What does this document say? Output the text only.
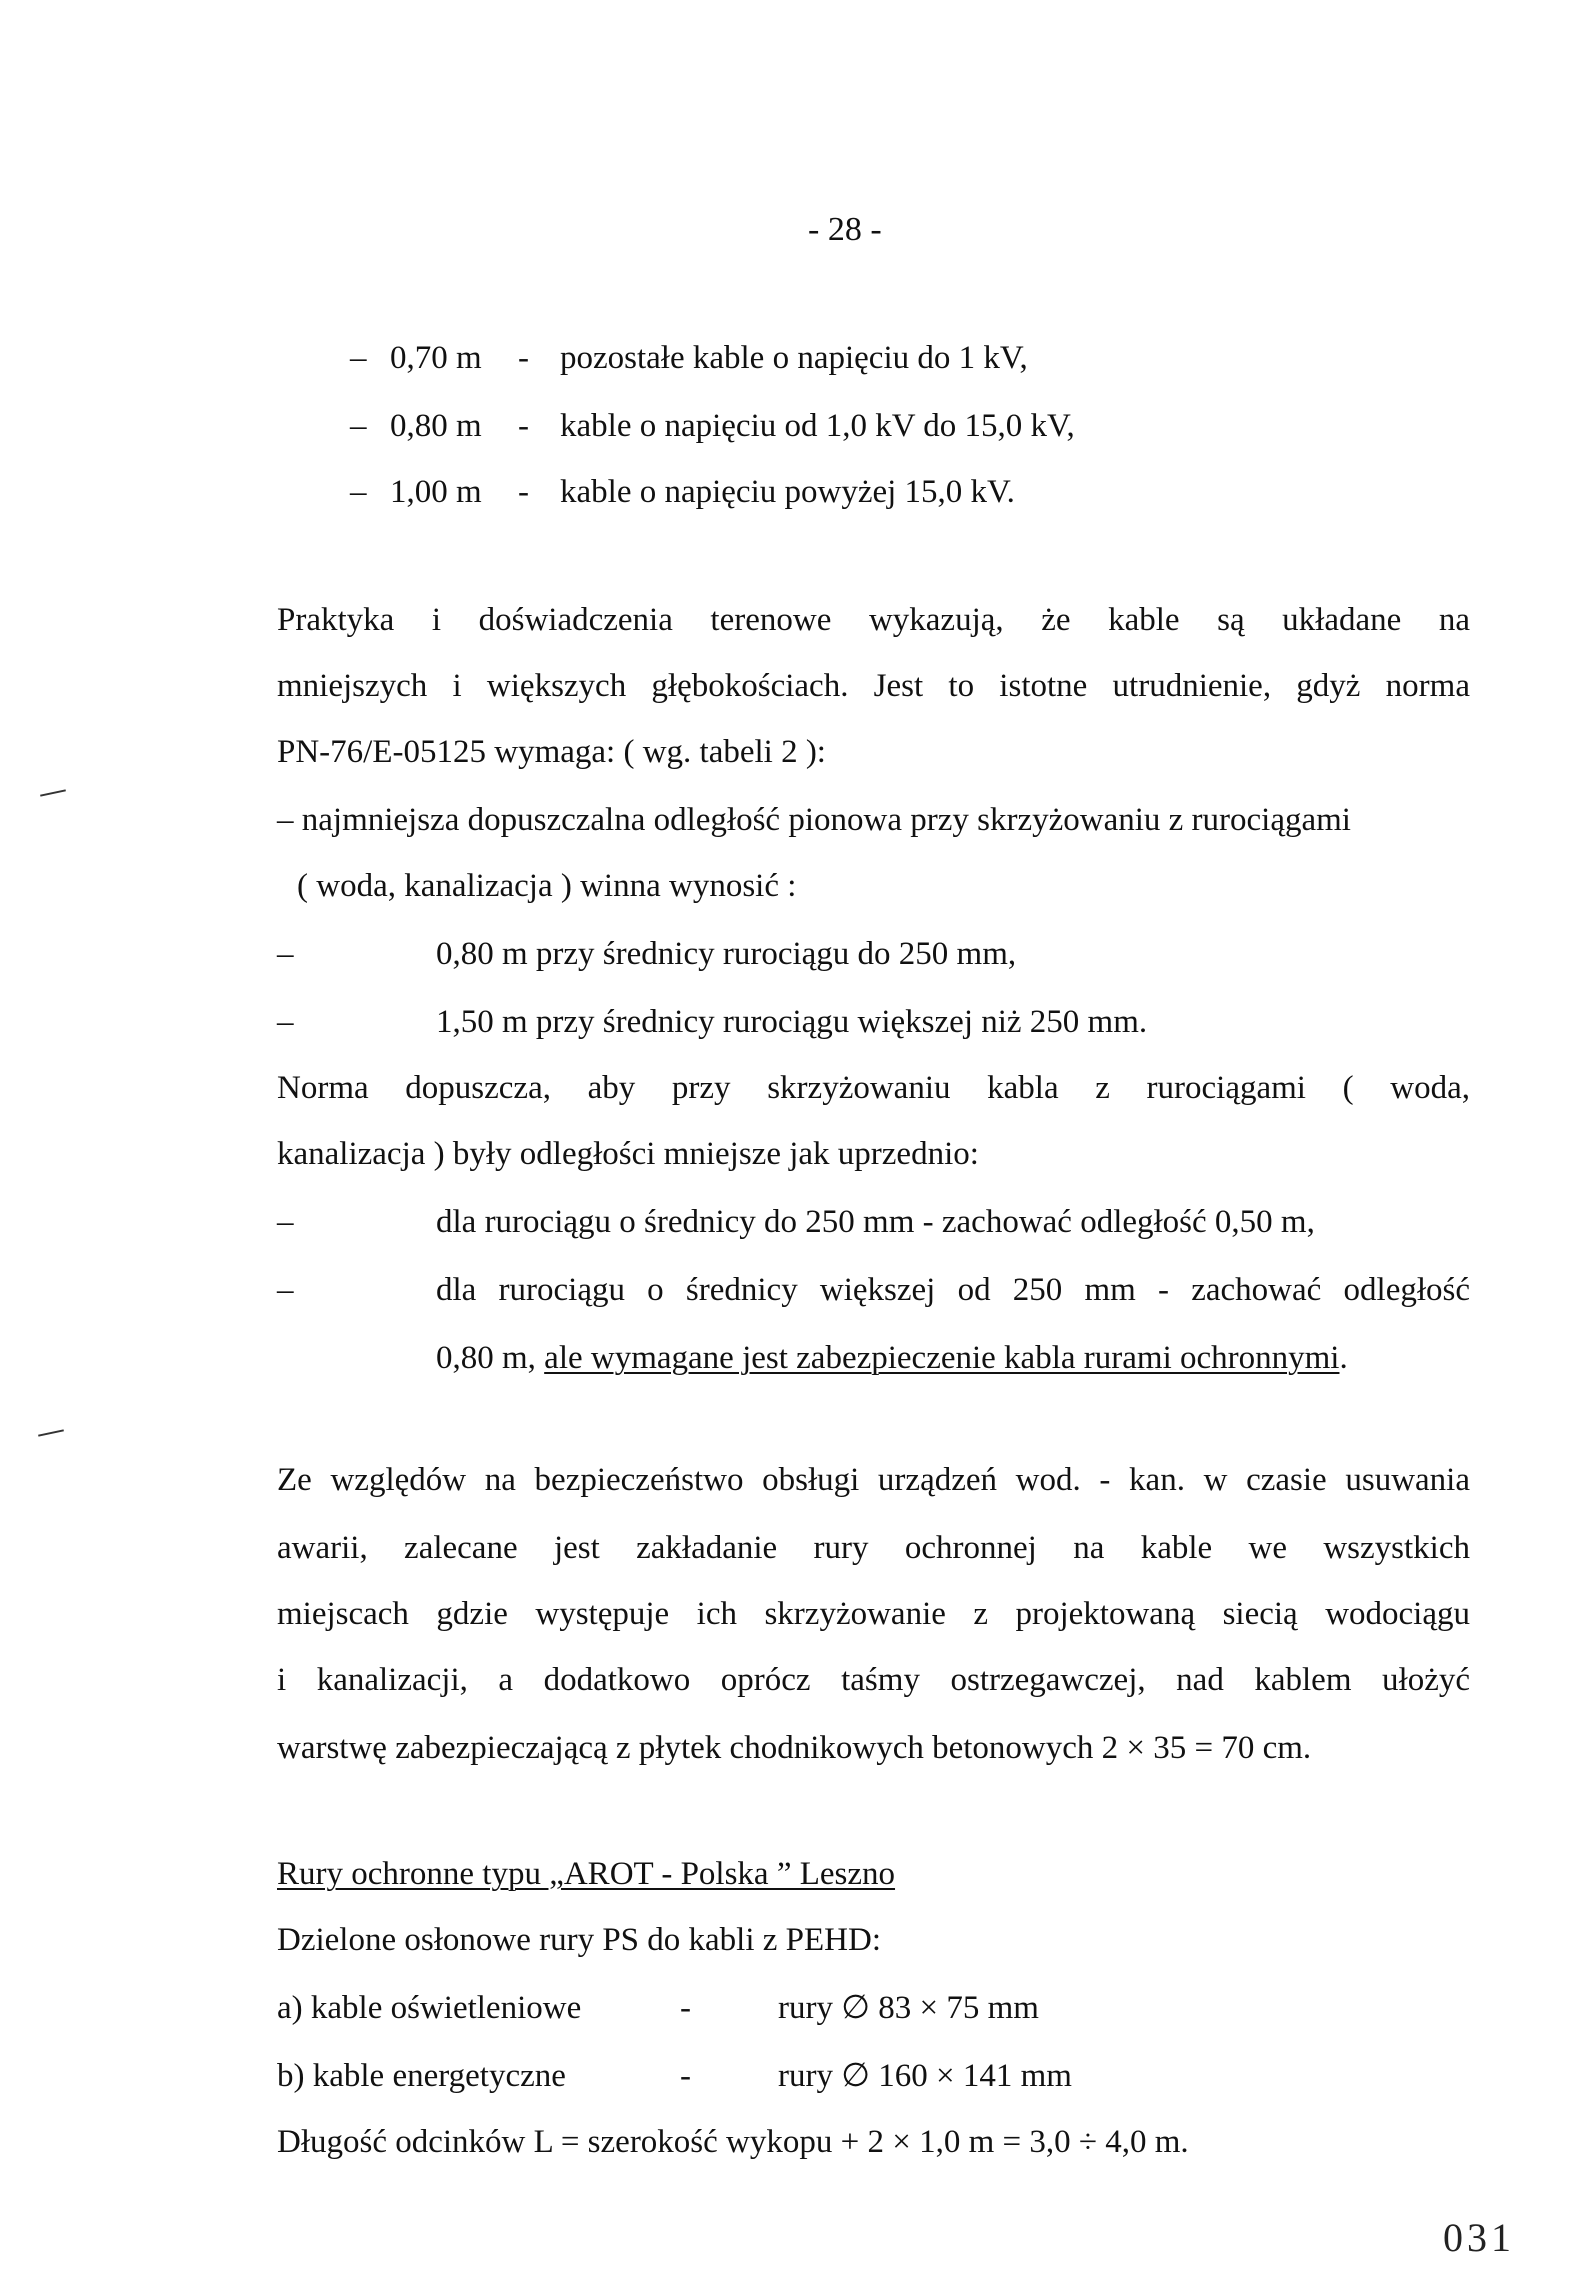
- 28 -
– 0,70 m - pozostałe kable o napięciu do 1 kV,
– 0,80 m - kable o napięciu od 1,0 kV do 15,0 kV,
– 1,00 m - kable o napięciu powyżej 15,0 kV.
Praktyka i doświadczenia terenowe wykazują, że kable są układane na
mniejszych i większych głębokościach. Jest to istotne utrudnienie, gdyż norma
PN-76/E-05125 wymaga: ( wg. tabeli 2 ):
– najmniejsza dopuszczalna odległość pionowa przy skrzyżowaniu z rurociągami
( woda, kanalizacja ) winna wynosić :
–	0,80 m przy średnicy rurociągu do 250 mm,
–	1,50 m przy średnicy rurociągu większej niż 250 mm.
Norma dopuszcza, aby przy skrzyżowaniu kabla z rurociągami ( woda,
kanalizacja ) były odległości mniejsze jak uprzednio:
–	dla rurociągu o średnicy do 250 mm - zachować odległość 0,50 m,
–	dla rurociągu o średnicy większej od 250 mm - zachować odległość
0,80 m, ale wymagane jest zabezpieczenie kabla rurami ochronnymi.
Ze względów na bezpieczeństwo obsługi urządzeń wod. - kan. w czasie usuwania
awarii, zalecane jest zakładanie rury ochronnej na kable we wszystkich
miejscach gdzie występuje ich skrzyżowanie z projektowaną siecią wodociągu
i kanalizacji, a dodatkowo oprócz taśmy ostrzegawczej, nad kablem ułożyć
warstwę zabezpieczającą z płytek chodnikowych betonowych 2 × 35 = 70 cm.
Rury ochronne typu „AROT - Polska ” Leszno
Dzielone osłonowe rury PS do kabli z PEHD:
a) kable oświetleniowe	-	rury ∅ 83 × 75 mm
b) kable energetyczne	-	rury ∅ 160 × 141 mm
Długość odcinków L = szerokość wykopu + 2 × 1,0 m = 3,0 ÷ 4,0 m.
031
